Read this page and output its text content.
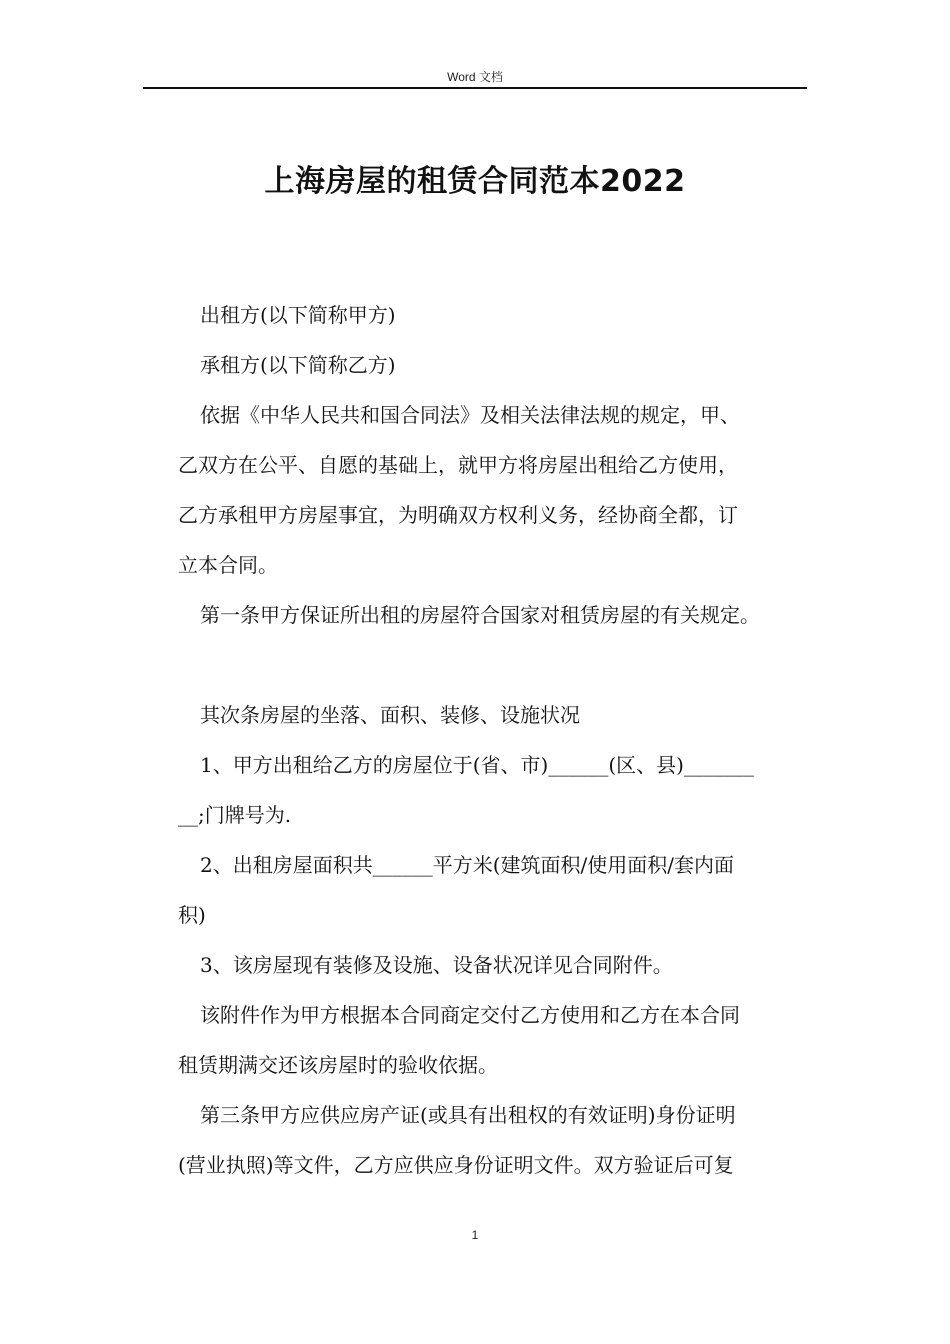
Word 文档
上海房屋的租赁合同范本2022
出租方(以下简称甲方)
承租方(以下简称乙方)
依据《中华人民共和国合同法》及相关法律法规的规定，甲、
乙双方在公平、自愿的基础上，就甲方将房屋出租给乙方使用，
乙方承租甲方房屋事宜，为明确双方权利义务，经协商全都，订
立本合同。
第一条甲方保证所出租的房屋符合国家对租赁房屋的有关规定。
其次条房屋的坐落、面积、装修、设施状况
1、甲方出租给乙方的房屋位于(省、市)______(区、县)_______
__;门牌号为.
2、出租房屋面积共______平方米(建筑面积/使用面积/套内面
积)
3、该房屋现有装修及设施、设备状况详见合同附件。
该附件作为甲方根据本合同商定交付乙方使用和乙方在本合同
租赁期满交还该房屋时的验收依据。
第三条甲方应供应房产证(或具有出租权的有效证明)身份证明
(营业执照)等文件，乙方应供应身份证明文件。双方验证后可复
1
